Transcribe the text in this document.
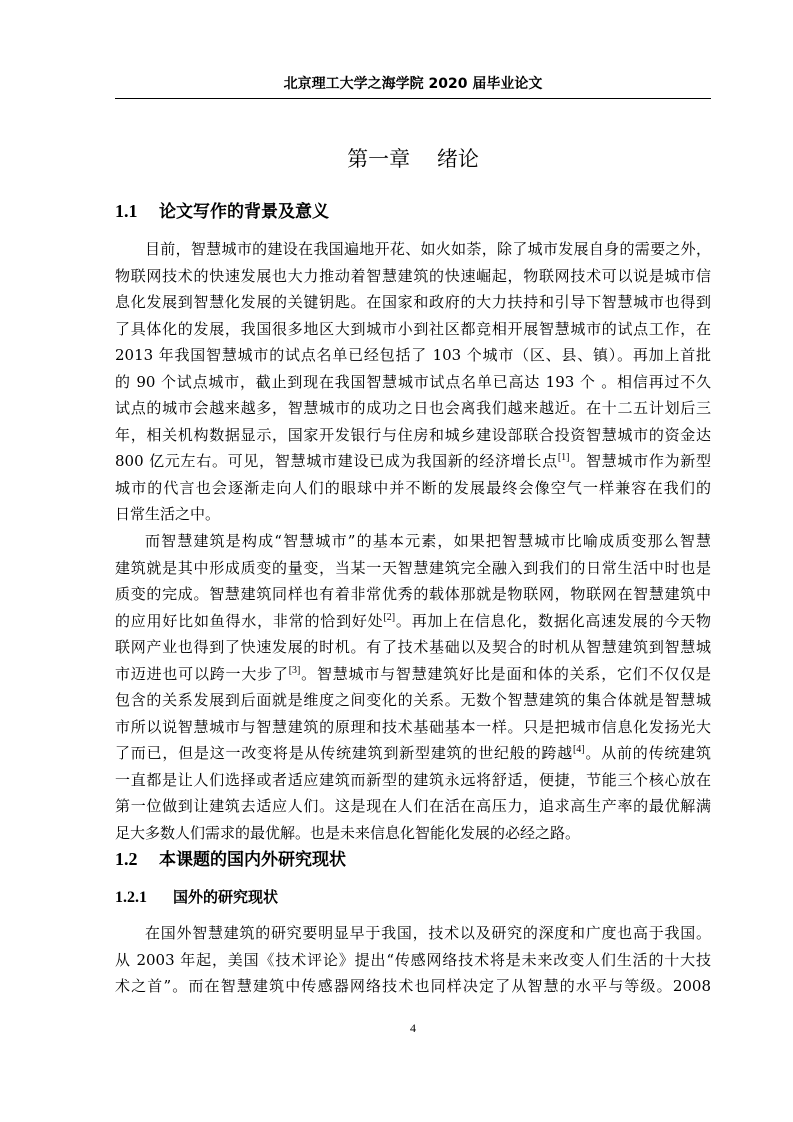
北京理工大学之海学院 2020 届毕业论文
第一章    绪论
1.1 论文写作的背景及意义
目前，智慧城市的建设在我国遍地开花、如火如荼，除了城市发展自身的需要之外，
物联网技术的快速发展也大力推动着智慧建筑的快速崛起，物联网技术可以说是城市信
息化发展到智慧化发展的关键钥匙。在国家和政府的大力扶持和引导下智慧城市也得到
了具体化的发展，我国很多地区大到城市小到社区都竞相开展智慧城市的试点工作，在
2013 年我国智慧城市的试点名单已经包括了 103 个城市（区、县、镇）。再加上首批
的 90 个试点城市，截止到现在我国智慧城市试点名单已高达 193 个 。相信再过不久
试点的城市会越来越多，智慧城市的成功之日也会离我们越来越近。在十二五计划后三
年，相关机构数据显示，国家开发银行与住房和城乡建设部联合投资智慧城市的资金达
800 亿元左右。可见，智慧城市建设已成为我国新的经济增长点[1]。智慧城市作为新型
城市的代言也会逐渐走向人们的眼球中并不断的发展最终会像空气一样兼容在我们的
日常生活之中。
而智慧建筑是构成“智慧城市”的基本元素，如果把智慧城市比喻成质变那么智慧
建筑就是其中形成质变的量变，当某一天智慧建筑完全融入到我们的日常生活中时也是
质变的完成。智慧建筑同样也有着非常优秀的载体那就是物联网，物联网在智慧建筑中
的应用好比如鱼得水，非常的恰到好处[2]。再加上在信息化，数据化高速发展的今天物
联网产业也得到了快速发展的时机。有了技术基础以及契合的时机从智慧建筑到智慧城
市迈进也可以跨一大步了[3]。智慧城市与智慧建筑好比是面和体的关系，它们不仅仅是
包含的关系发展到后面就是维度之间变化的关系。无数个智慧建筑的集合体就是智慧城
市所以说智慧城市与智慧建筑的原理和技术基础基本一样。只是把城市信息化发扬光大
了而已，但是这一改变将是从传统建筑到新型建筑的世纪般的跨越[4]。从前的传统建筑
一直都是让人们选择或者适应建筑而新型的建筑永远将舒适，便捷，节能三个核心放在
第一位做到让建筑去适应人们。这是现在人们在活在高压力，追求高生产率的最优解满
足大多数人们需求的最优解。也是未来信息化智能化发展的必经之路。
1.2 本课题的国内外研究现状
1.2.1 国外的研究现状
在国外智慧建筑的研究要明显早于我国，技术以及研究的深度和广度也高于我国。
从 2003 年起，美国《技术评论》提出“传感网络技术将是未来改变人们生活的十大技
术之首”。而在智慧建筑中传感器网络技术也同样决定了从智慧的水平与等级。2008
4
